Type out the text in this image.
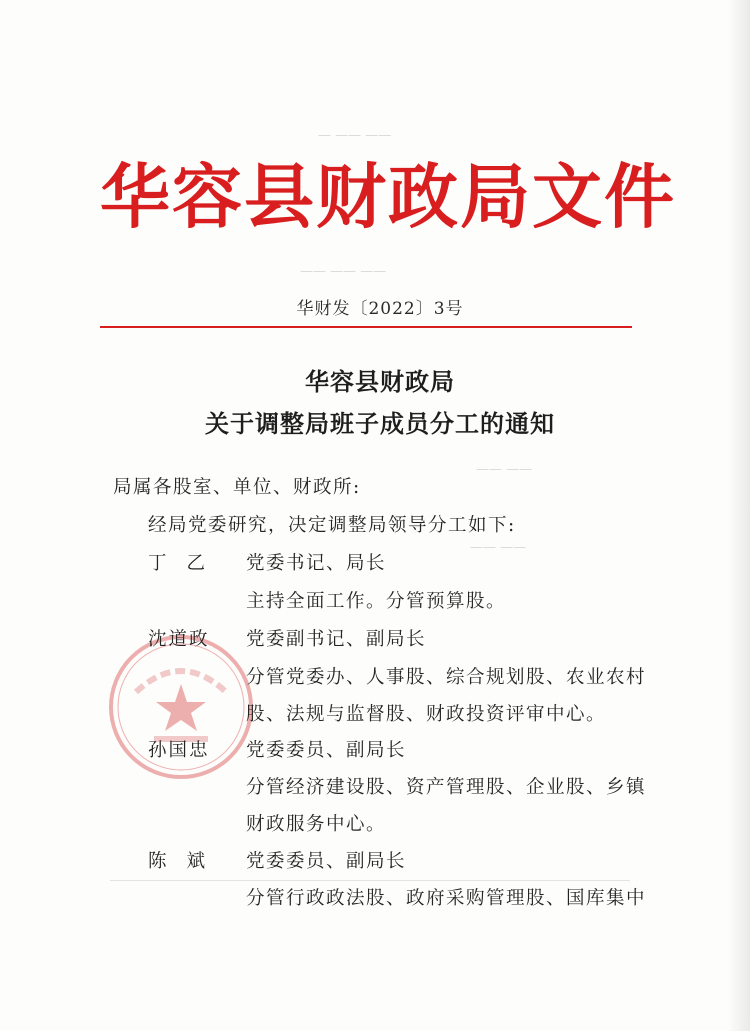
— —— ——
—— —— ——
—— ——
—— ——
华容县财政局文件
华财发〔2022〕3号
华容县财政局
关于调整局班子成员分工的通知
局属各股室、单位、财政所:
经局党委研究，决定调整局领导分工如下:
丁乙 党委书记、局长
主持全面工作。分管预算股。
沈道政 党委副书记、副局长
分管党委办、人事股、综合规划股、农业农村
股、法规与监督股、财政投资评审中心。
孙国忠 党委委员、副局长
分管经济建设股、资产管理股、企业股、乡镇
财政服务中心。
陈斌 党委委员、副局长
分管行政政法股、政府采购管理股、国库集中
